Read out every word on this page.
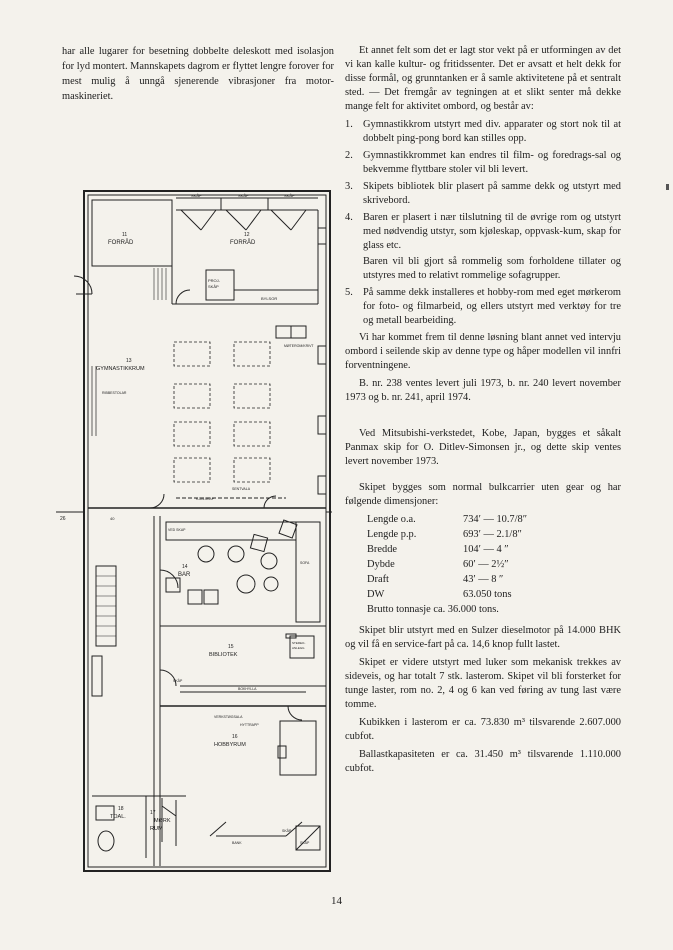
har alle lugarer for besetning dobbelte deleskott med isolasjon for lyd montert. Mannskapets dagrom er flyttet lengre forover for mest mulig å unngå sjenerende vibrasjoner fra motor-maskineriet.
SKÅP	SKÅP	SKÅP
11
FORRÅD
12
FORRÅD
PROJ-
SKÅP
BYLSOR
MØTEROM/KRIVT
13
GYMNASTIKKRUM
RIBBESTOLAR
SENTVALA
KJØLSKAP
26	40
VED SKAP
SOFA
14
BAR
15
BIBLIOTEK
STEREO-
ANLEGG
SKÅP
BOKHYLLA
VERKSTØGSALA
HYTTRAPP
16
HOBBYRUM
18
TOAL.
17
MØRK
RUM
BANK
SKÅP
SKÅP

Et annet felt som det er lagt stor vekt på er utformingen av det vi kan kalle kultur- og fritidssenter. Det er avsatt et helt dekk for disse formål, og grunntanken er å samle aktivitetene på et sentralt sted. — Det fremgår av tegningen at et slikt senter må dekke mange felt for aktivitet ombord, og består av:

1. Gymnastikkrom utstyrt med div. apparater og stort nok til at dobbelt ping-pong bord kan stilles opp.
2. Gymnastikkrommet kan endres til film- og foredrags-sal og bekvemme flyttbare stoler vil bli levert.
3. Skipets bibliotek blir plasert på samme dekk og utstyrt med skrivebord.
4. Baren er plasert i nær tilslutning til de øvrige rom og utstyrt med nødvendig utstyr, som kjøleskap, oppvask-kum, skap for glass etc.
Baren vil bli gjort så rommelig som forholdene tillater og utstyres med to relativt rommelige sofagrupper.
5. På samme dekk installeres et hobby-rom med eget mørkerom for foto- og filmarbeid, og ellers utstyrt med verktøy for tre og metall bearbeiding.

Vi har kommet frem til denne løsning blant annet ved intervju ombord i seilende skip av denne type og håper modellen vil innfri forventningene.

B. nr. 238 ventes levert juli 1973, b. nr. 240 levert november 1973 og b. nr. 241, april 1974.

Ved Mitsubishi-verkstedet, Kobe, Japan, bygges et såkalt Panmax skip for O. Ditlev-Simonsen jr., og dette skip ventes levert november 1973.

Skipet bygges som normal bulkcarrier uten gear og har følgende dimensjoner:

Lengde o.a.	734′ — 10.7/8″
Lengde p.p.	693′ — 2.1/8″
Bredde	104′ — 4 ″
Dybde	60′ — 2½″
Draft	43′ — 8 ″
DW	63.050 tons
Brutto tonnasje ca. 36.000 tons.	

Skipet blir utstyrt med en Sulzer dieselmotor på 14.000 BHK og vil få en service-fart på ca. 14,6 knop fullt lastet.

Skipet er videre utstyrt med luker som mekanisk trekkes av sideveis, og har totalt 7 stk. lasterom. Skipet vil bli forsterket for tunge laster, rom no. 2, 4 og 6 kan ved føring av tung last være tomme.

Kubikken i lasterom er ca. 73.830 m³ tilsvarende 2.607.000 cubfot.

Ballastkapasiteten er ca. 31.450 m³ tilsvarende 1.110.000 cubfot.

14
